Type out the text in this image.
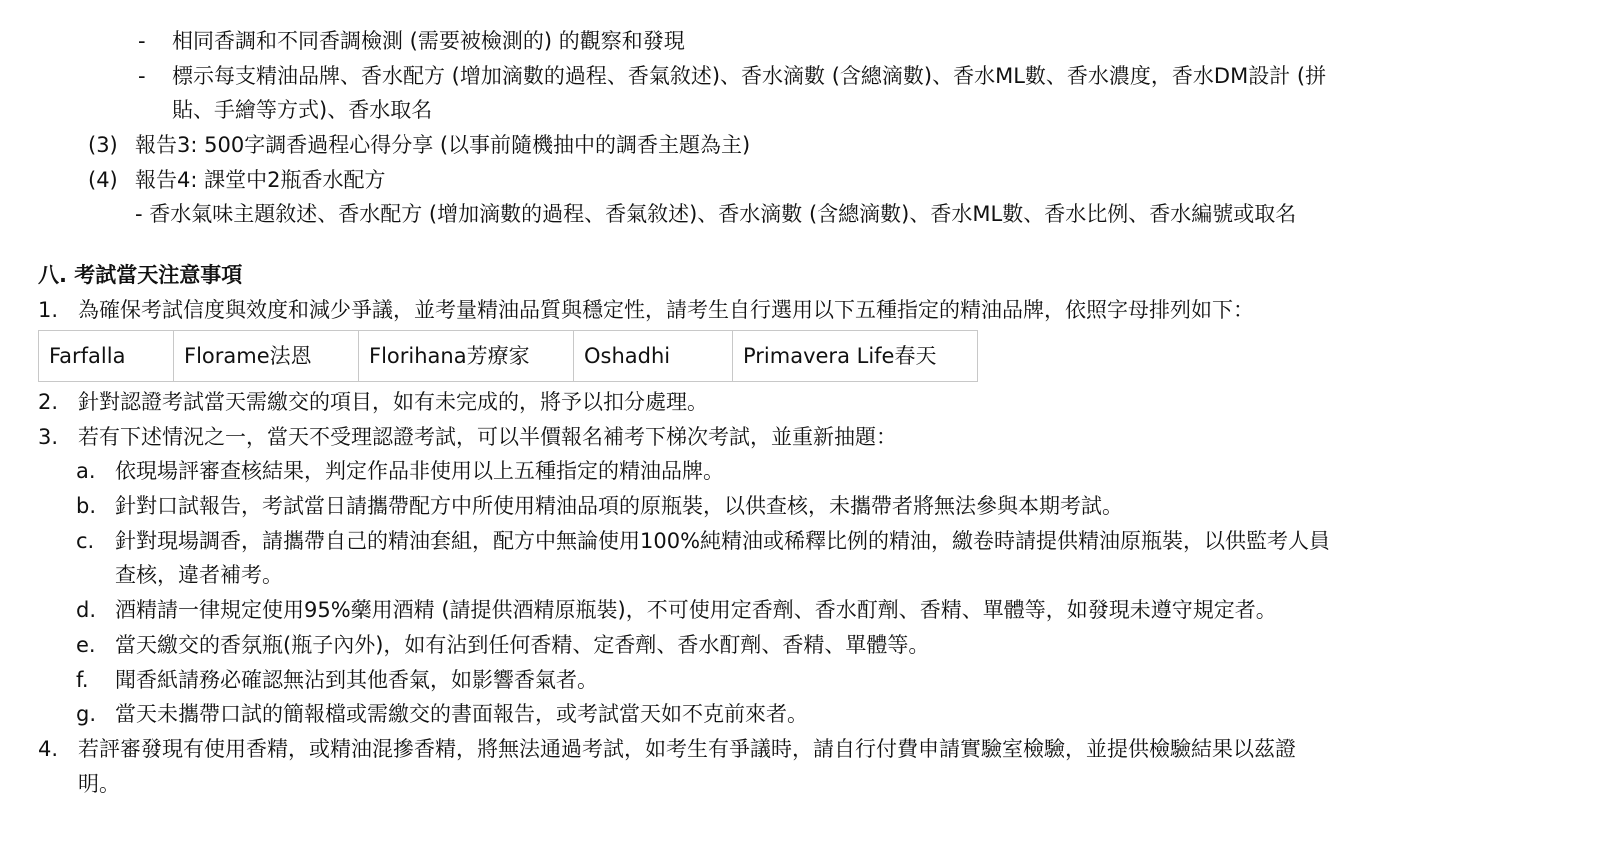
- 相同香調和不同香調檢測 (需要被檢測的) 的觀察和發現
- 標示每支精油品牌、香水配方 (增加滴數的過程、香氣敘述)、香水滴數 (含總滴數)、香水ML數、香水濃度，香水DM設計 (拼
貼、手繪等方式)、香水取名
(3) 報告3: 500字調香過程心得分享 (以事前隨機抽中的調香主題為主)
(4) 報告4: 課堂中2瓶香水配方
- 香水氣味主題敘述、香水配方 (增加滴數的過程、香氣敘述)、香水滴數 (含總滴數)、香水ML數、香水比例、香水編號或取名
八. 考試當天注意事項
1. 為確保考試信度與效度和減少爭議，並考量精油品質與穩定性，請考生自行選用以下五種指定的精油品牌，依照字母排列如下：
Farfalla	Florame法恩	Florihana芳療家	Oshadhi	Primavera Life春天
2. 針對認證考試當天需繳交的項目，如有未完成的，將予以扣分處理。
3. 若有下述情況之一，當天不受理認證考試，可以半價報名補考下梯次考試，並重新抽題：
a. 依現場評審查核結果，判定作品非使用以上五種指定的精油品牌。
b. 針對口試報告，考試當日請攜帶配方中所使用精油品項的原瓶裝，以供查核，未攜帶者將無法參與本期考試。
c. 針對現場調香，請攜帶自己的精油套組，配方中無論使用100%純精油或稀釋比例的精油，繳卷時請提供精油原瓶裝，以供監考人員
查核，違者補考。
d. 酒精請一律規定使用95%藥用酒精 (請提供酒精原瓶裝)，不可使用定香劑、香水酊劑、香精、單體等，如發現未遵守規定者。
e. 當天繳交的香氛瓶(瓶子內外)，如有沾到任何香精、定香劑、香水酊劑、香精、單體等。
f. 聞香紙請務必確認無沾到其他香氣，如影響香氣者。
g. 當天未攜帶口試的簡報檔或需繳交的書面報告，或考試當天如不克前來者。
4. 若評審發現有使用香精，或精油混摻香精，將無法通過考試，如考生有爭議時，請自行付費申請實驗室檢驗，並提供檢驗結果以茲證
明。
